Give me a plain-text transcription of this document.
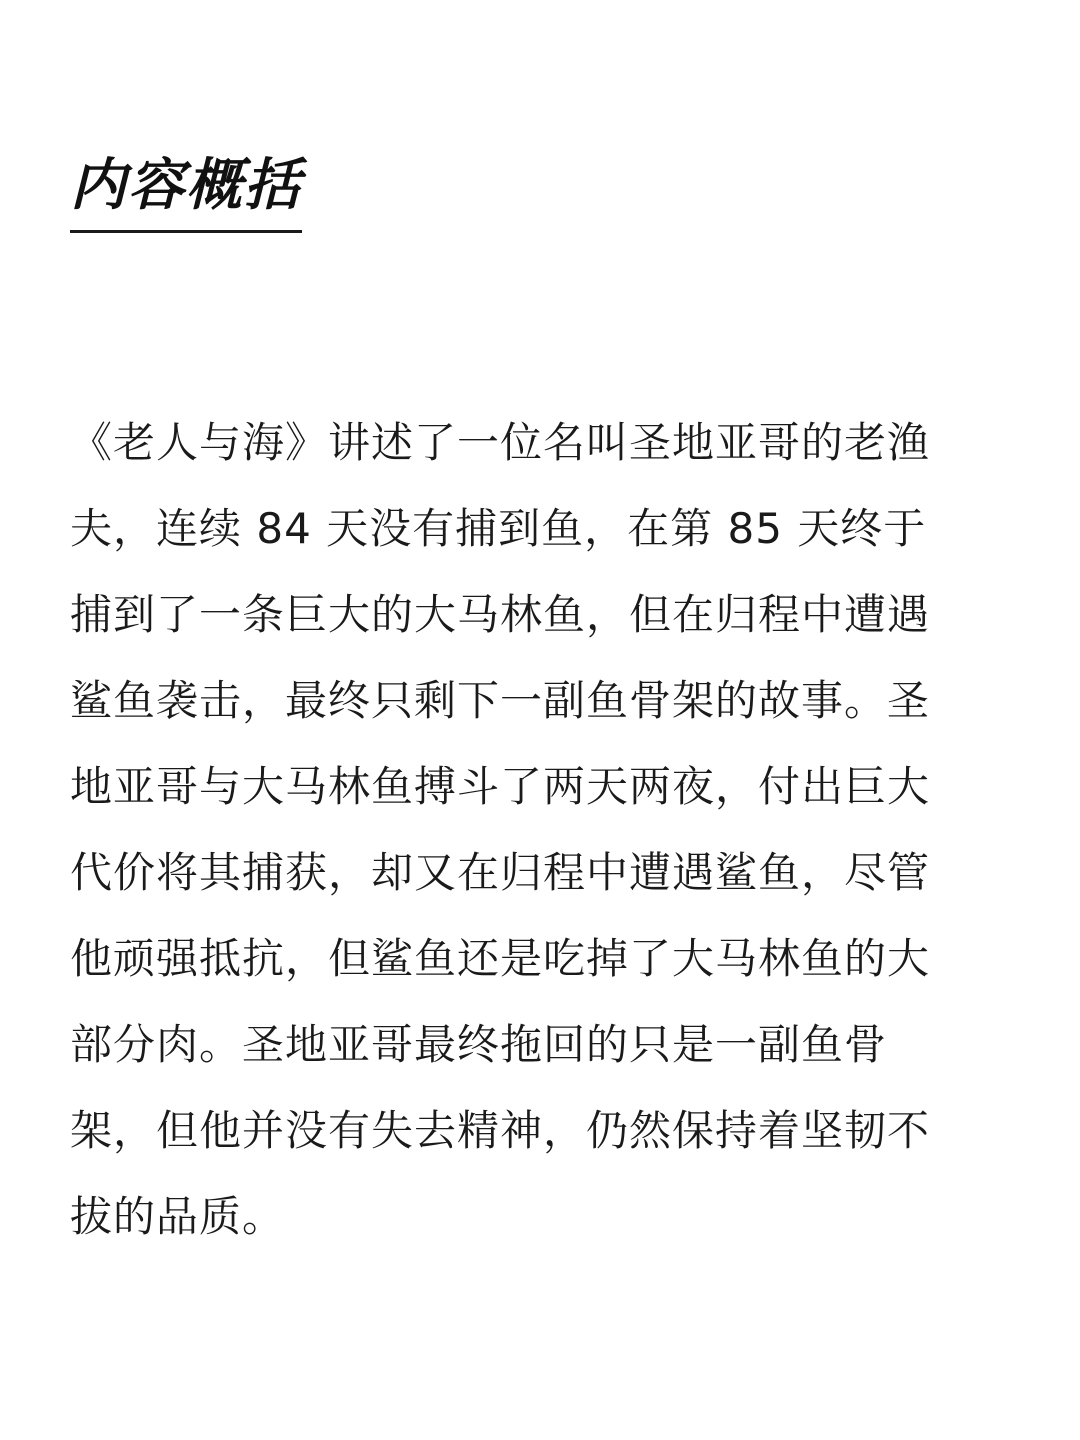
内容概括
《老人与海》讲述了一位名叫圣地亚哥的老渔
夫，连续 84 天没有捕到鱼，在第 85 天终于
捕到了一条巨大的大马林鱼，但在归程中遭遇
鲨鱼袭击，最终只剩下一副鱼骨架的故事。圣
地亚哥与大马林鱼搏斗了两天两夜，付出巨大
代价将其捕获，却又在归程中遭遇鲨鱼，尽管
他顽强抵抗，但鲨鱼还是吃掉了大马林鱼的大
部分肉。圣地亚哥最终拖回的只是一副鱼骨
架，但他并没有失去精神，仍然保持着坚韧不
拔的品质。
